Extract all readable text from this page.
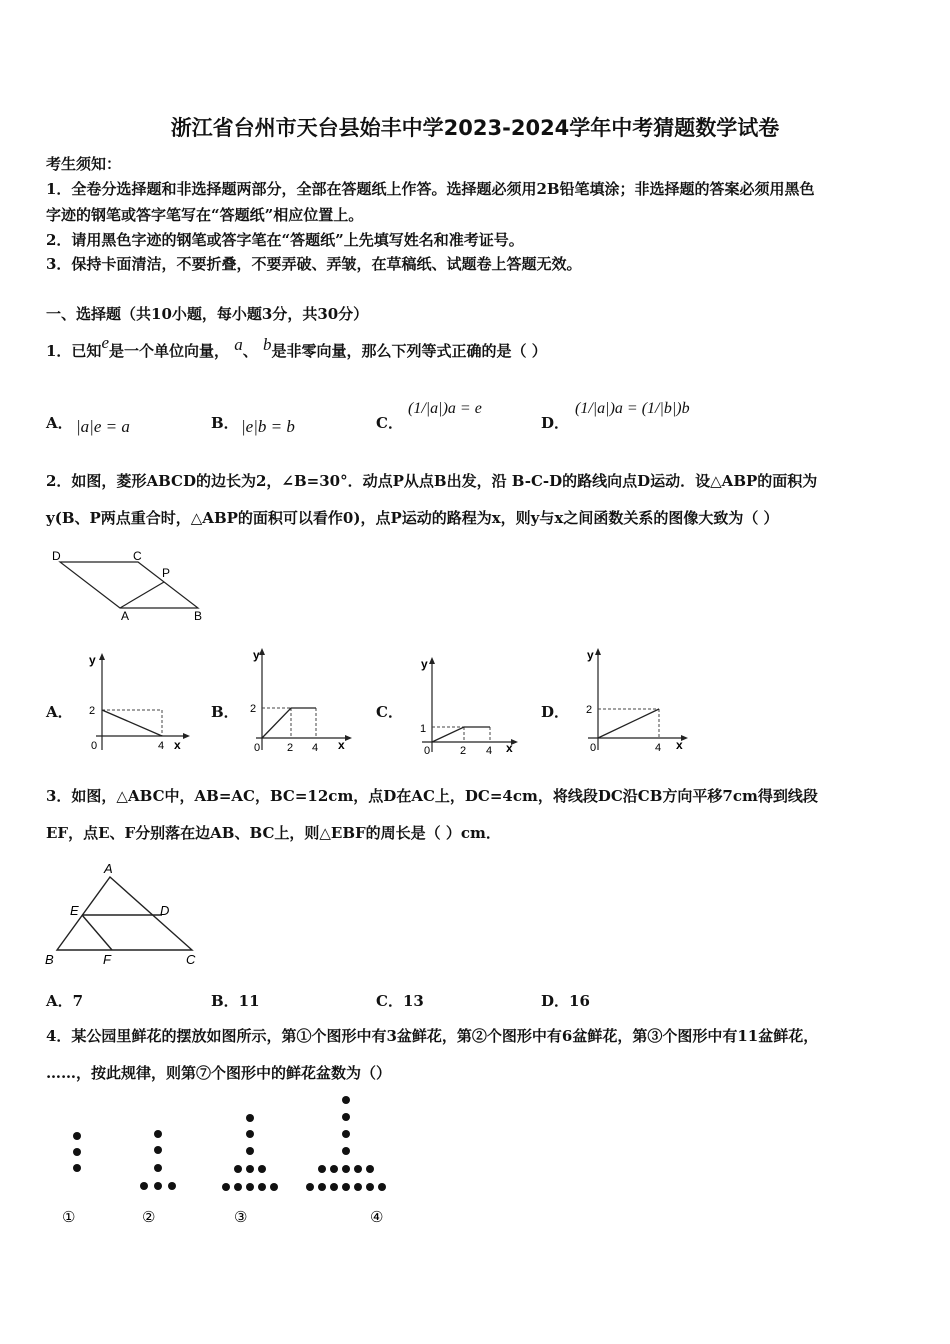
浙江省台州市天台县始丰中学2023-2024学年中考猜题数学试卷
考生须知：
1．全卷分选择题和非选择题两部分，全部在答题纸上作答。选择题必须用2B铅笔填涂；非选择题的答案必须用黑色
字迹的钢笔或答字笔写在“答题纸”相应位置上。
2．请用黑色字迹的钢笔或答字笔在“答题纸”上先填写姓名和准考证号。
3．保持卡面清洁，不要折叠，不要弄破、弄皱，在草稿纸、试题卷上答题无效。
一、选择题（共10小题，每小题3分，共30分）
1．已知e是一个单位向量， a、 b是非零向量，那么下列等式正确的是（ ）
A． |a|e = a	B． |e|b = b	C．
(1/|a|)a = e
D．
(1/|a|)a = (1/|b|)b
2．如图，菱形ABCD的边长为2，∠B=30°．动点P从点B出发，沿 B-C-D的路线向点D运动．设△ABP的面积为
y(B、P两点重合时，△ABP的面积可以看作0)，点P运动的路程为x，则y与x之间函数关系的图像大致为（ ）
D	C
P
A	B
A．	B．	C．	D．
y
2
0	4 x
y
2
0 2 4 x
y
1
0	2 4 x
y
2
0	4 x
3．如图，△ABC中，AB=AC，BC=12cm，点D在AC上，DC=4cm，将线段DC沿CB方向平移7cm得到线段
EF，点E、F分别落在边AB、BC上，则△EBF的周长是（ ）cm．
A
E	D
B	F	C
A．7	B．11	C．13	D．16
4．某公园里鲜花的摆放如图所示，第①个图形中有3盆鲜花，第②个图形中有6盆鲜花，第③个图形中有11盆鲜花，
……，按此规律，则第⑦个图形中的鲜花盆数为（）
①	②	③	④
